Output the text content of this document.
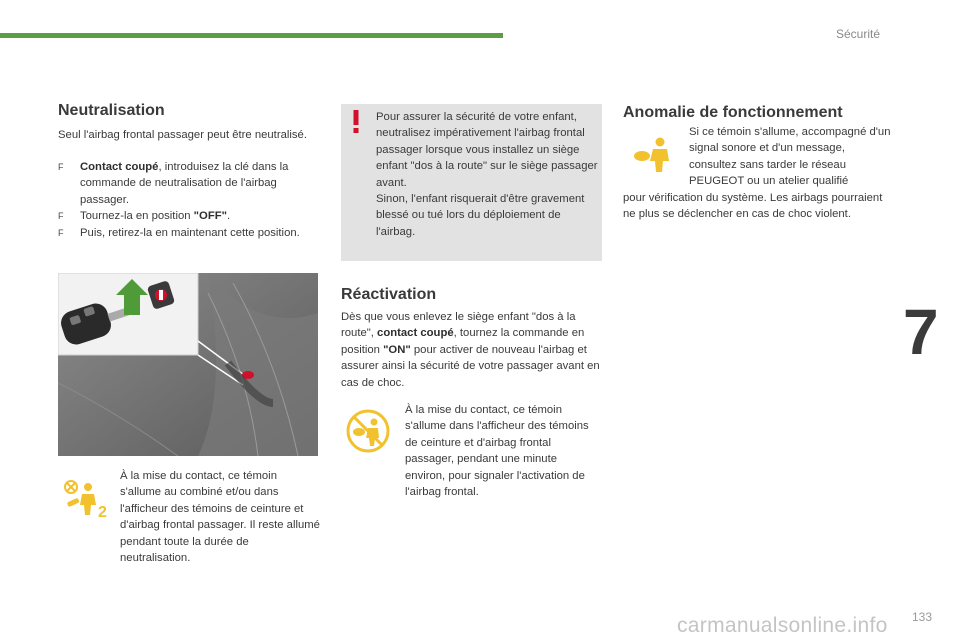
Sécurité
7
Neutralisation
Seul l'airbag frontal passager peut être neutralisé.
F Contact coupé, introduisez la clé dans la commande de neutralisation de l'airbag passager.
F Tournez-la en position "OFF".
F Puis, retirez-la en maintenant cette position.
2
À la mise du contact, ce témoin s'allume au combiné et/ou dans l'afficheur des témoins de ceinture et d'airbag frontal passager. Il reste allumé pendant toute la durée de neutralisation.
Pour assurer la sécurité de votre enfant, neutralisez impérativement l'airbag frontal passager lorsque vous installez un siège enfant "dos à la route" sur le siège passager avant.
Sinon, l'enfant risquerait d'être gravement blessé ou tué lors du déploiement de l'airbag.
Réactivation
Dès que vous enlevez le siège enfant "dos à la route", contact coupé, tournez la commande en position "ON" pour activer de nouveau l'airbag et assurer ainsi la sécurité de votre passager avant en cas de choc.
À la mise du contact, ce témoin s'allume dans l'afficheur des témoins de ceinture et d'airbag frontal passager, pendant une minute environ, pour signaler l'activation de l'airbag frontal.
Anomalie de fonctionnement
Si ce témoin s'allume, accompagné d'un signal sonore et d'un message, consultez sans tarder le réseau PEUGEOT ou un atelier qualifié
pour vérification du système. Les airbags pourraient ne plus se déclencher en cas de choc violent.
carmanualsonline.info 133
